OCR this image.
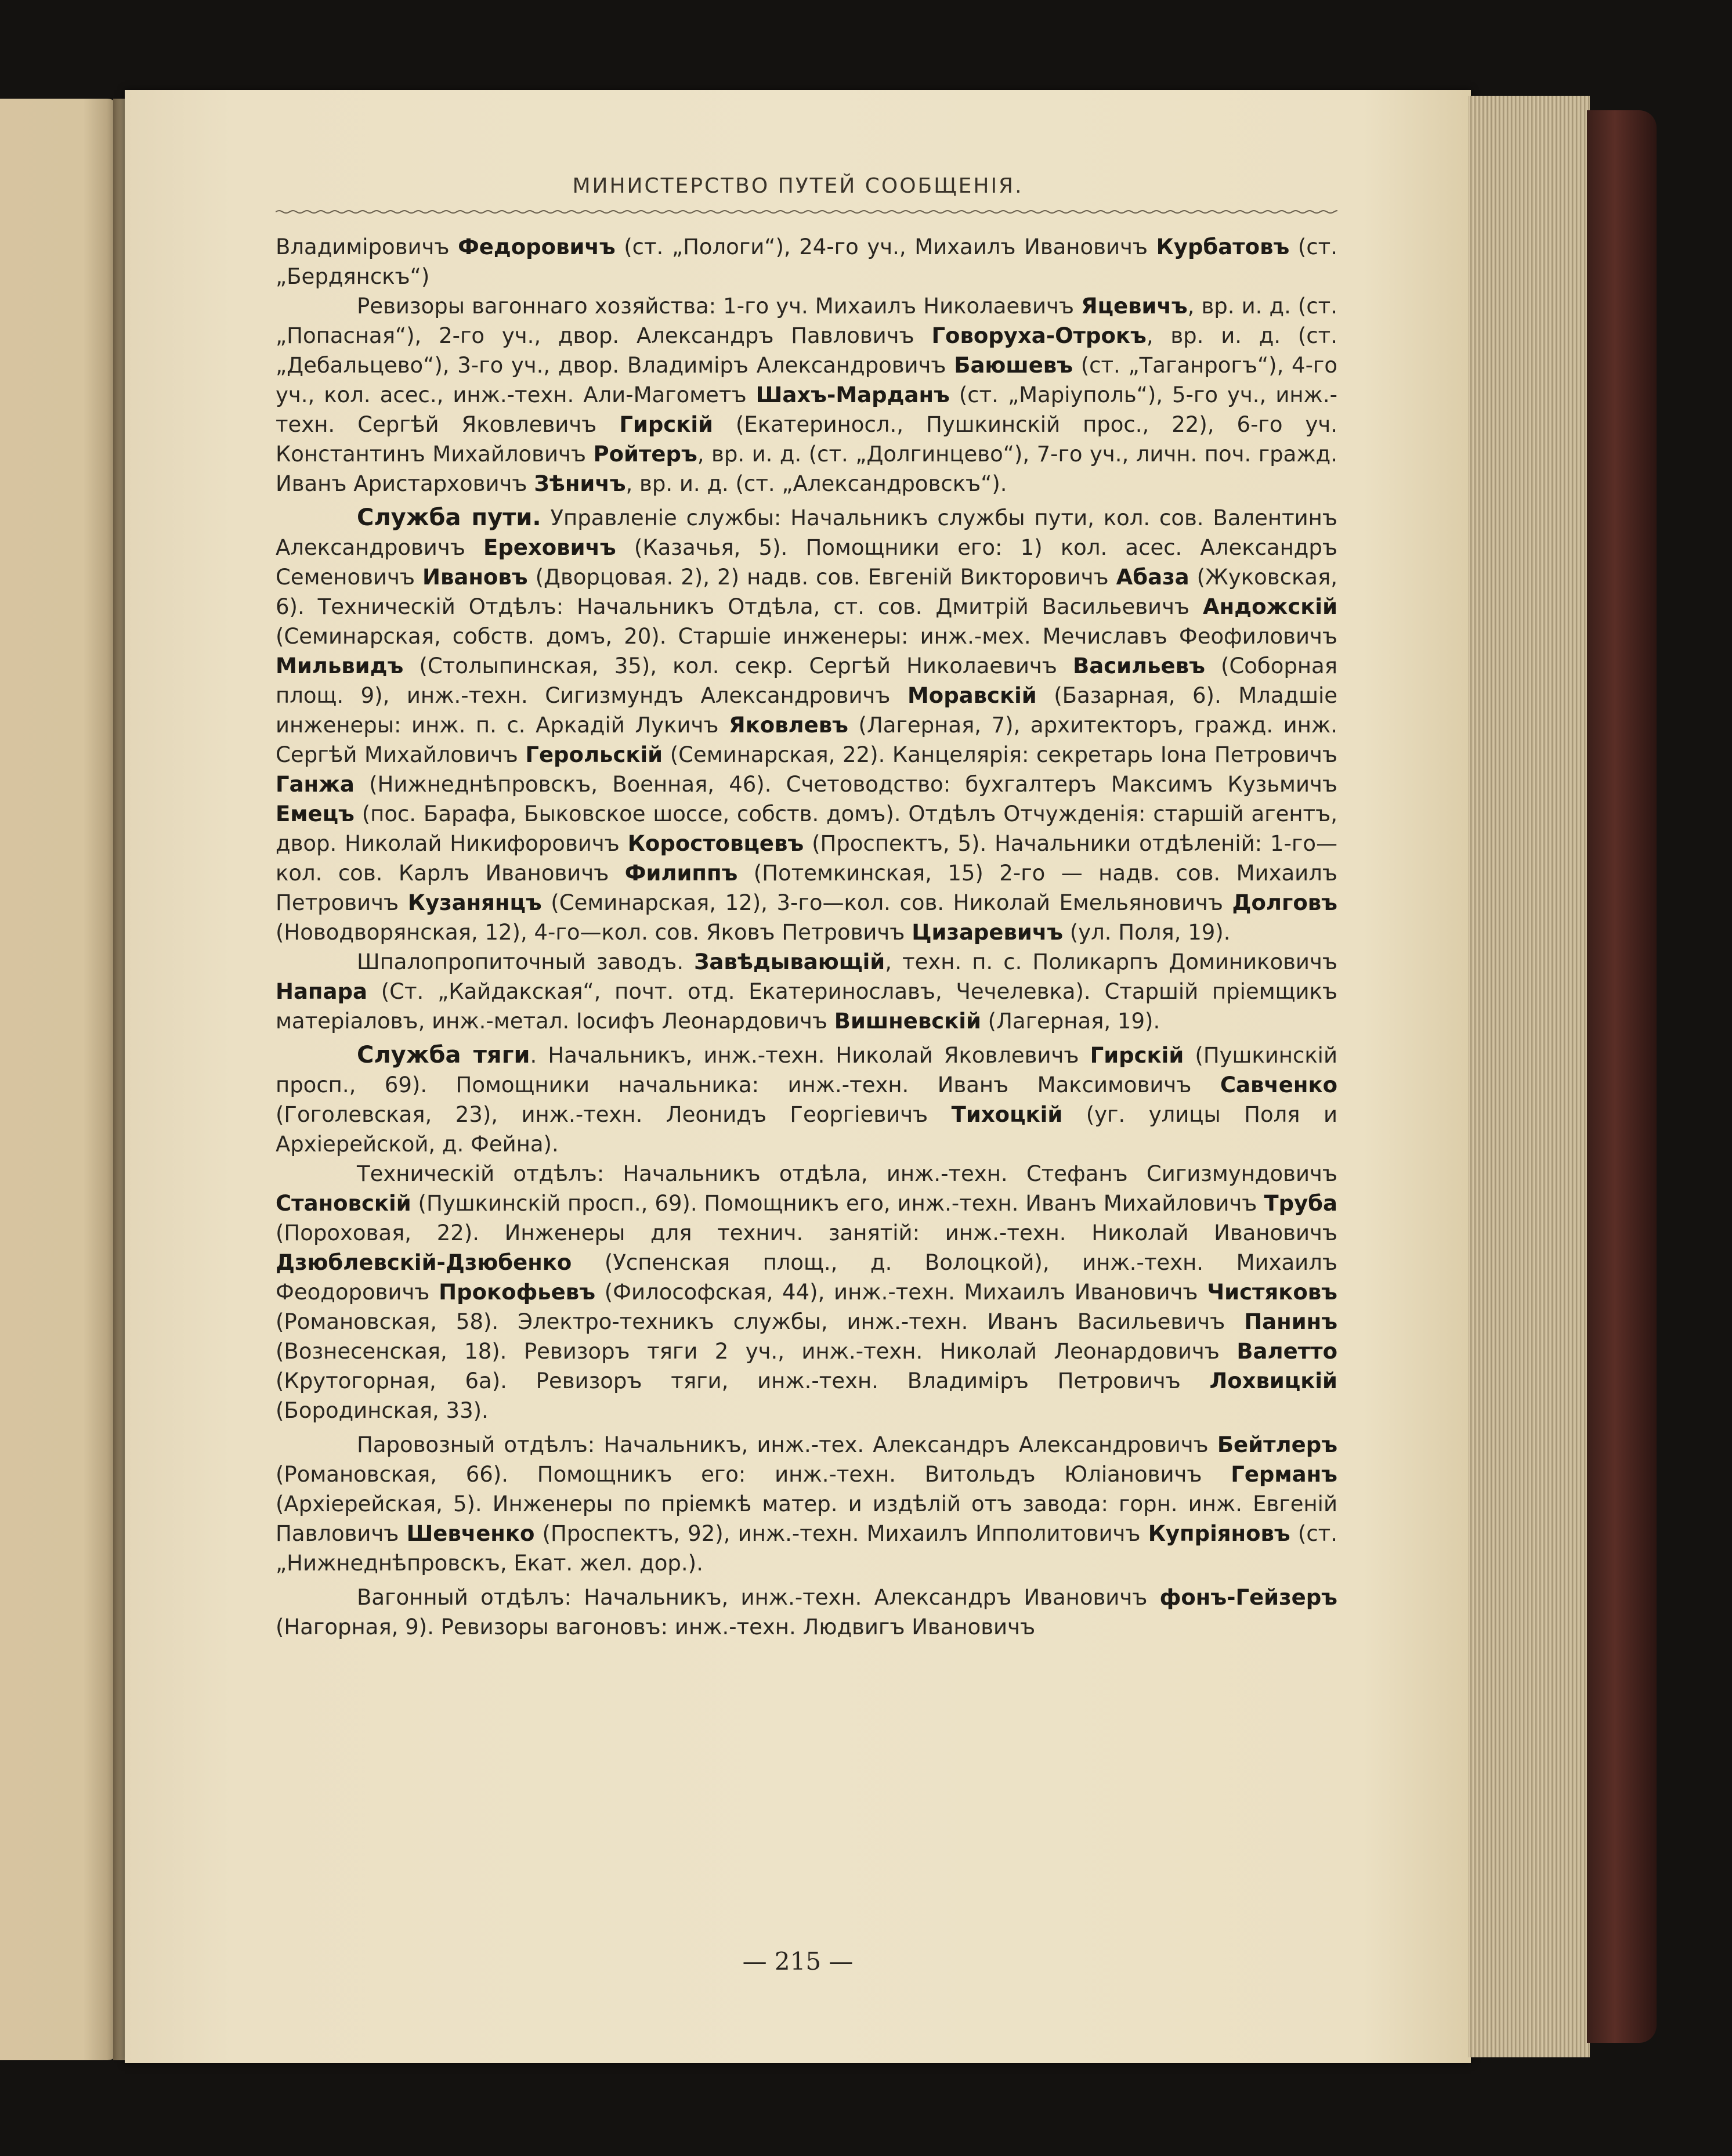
МИНИСТЕРСТВО ПУТЕЙ СООБЩЕНІЯ.

Владиміровичъ Федоровичъ (ст. „Пологи“), 24-го уч., Михаилъ Ивановичъ Курбатовъ (ст. „Бердянскъ“)

Ревизоры вагоннаго хозяйства: 1-го уч. Михаилъ Николаевичъ Яцевичъ, вр. и. д. (ст. „Попасная“), 2-го уч., двор. Александръ Павловичъ Говоруха-Отрокъ, вр. и. д. (ст. „Дебальцево“), 3-го уч., двор. Владиміръ Александровичъ Баюшевъ (ст. „Таганрогъ“), 4-го уч., кол. асес., инж.-техн. Али-Магометъ Шахъ-Марданъ (ст. „Маріуполь“), 5-го уч., инж.-техн. Сергѣй Яковлевичъ Гирскій (Екатериносл., Пушкинскій прос., 22), 6-го уч. Константинъ Михайловичъ Ройтеръ, вр. и. д. (ст. „Долгинцево“), 7-го уч., личн. поч. гражд. Иванъ Аристарховичъ Зѣничъ, вр. и. д. (ст. „Александровскъ“).

Служба пути. Управленіе службы: Начальникъ службы пути, кол. сов. Валентинъ Александровичъ Ереховичъ (Казачья, 5). Помощники его: 1) кол. асес. Александръ Семеновичъ Ивановъ (Дворцовая. 2), 2) надв. сов. Евгеній Викторовичъ Абаза (Жуковская, 6). Техническій Отдѣлъ: Начальникъ Отдѣла, ст. сов. Дмитрій Васильевичъ Андожскій (Семинарская, собств. домъ, 20). Старшіе инженеры: инж.-мех. Мечиславъ Феофиловичъ Мильвидъ (Столыпинская, 35), кол. секр. Сергѣй Николаевичъ Васильевъ (Соборная площ. 9), инж.-техн. Сигизмундъ Александровичъ Моравскій (Базарная, 6). Младшіе инженеры: инж. п. с. Аркадій Лукичъ Яковлевъ (Лагерная, 7), архитекторъ, гражд. инж. Сергѣй Михайловичъ Герольскій (Семинарская, 22). Канцелярія: секретарь Іона Петровичъ Ганжа (Нижнеднѣпровскъ, Военная, 46). Счетоводство: бухгалтеръ Максимъ Кузьмичъ Емецъ (пос. Барафа, Быковское шоссе, собств. домъ). Отдѣлъ Отчужденія: старшій агентъ, двор. Николай Никифоровичъ Коростовцевъ (Проспектъ, 5). Начальники отдѣленій: 1-го—кол. сов. Карлъ Ивановичъ Филиппъ (Потемкинская, 15) 2-го — надв. сов. Михаилъ Петровичъ Кузанянцъ (Семинарская, 12), 3-го—кол. сов. Николай Емельяновичъ Долговъ (Новодворянская, 12), 4-го—кол. сов. Яковъ Петровичъ Цизаревичъ (ул. Поля, 19).

Шпалопропиточный заводъ. Завѣдывающій, техн. п. с. Поликарпъ Доминиковичъ Напара (Ст. „Кайдакская“, почт. отд. Екатеринославъ, Чечелевка). Старшій пріемщикъ матеріаловъ, инж.-метал. Іосифъ Леонардовичъ Вишневскій (Лагерная, 19).

Служба тяги. Начальникъ, инж.-техн. Николай Яковлевичъ Гирскій (Пушкинскій просп., 69). Помощники начальника: инж.-техн. Иванъ Максимовичъ Савченко (Гоголевская, 23), инж.-техн. Леонидъ Георгіевичъ Тихоцкій (уг. улицы Поля и Архіерейской, д. Фейна).

Техническій отдѣлъ: Начальникъ отдѣла, инж.-техн. Стефанъ Сигизмундовичъ Становскій (Пушкинскій просп., 69). Помощникъ его, инж.-техн. Иванъ Михайловичъ Труба (Пороховая, 22). Инженеры для технич. занятій: инж.-техн. Николай Ивановичъ Дзюблевскій-Дзюбенко (Успенская площ., д. Волоцкой), инж.-техн. Михаилъ Феодоровичъ Прокофьевъ (Философская, 44), инж.-техн. Михаилъ Ивановичъ Чистяковъ (Романовская, 58). Электро-техникъ службы, инж.-техн. Иванъ Васильевичъ Панинъ (Вознесенская, 18). Ревизоръ тяги 2 уч., инж.-техн. Николай Леонардовичъ Валетто (Крутогорная, 6а). Ревизоръ тяги, инж.-техн. Владиміръ Петровичъ Лохвицкій (Бородинская, 33).

Паровозный отдѣлъ: Начальникъ, инж.-тех. Александръ Александровичъ Бейтлеръ (Романовская, 66). Помощникъ его: инж.-техн. Витольдъ Юліановичъ Германъ (Архіерейская, 5). Инженеры по пріемкѣ матер. и издѣлій отъ завода: горн. инж. Евгеній Павловичъ Шевченко (Проспектъ, 92), инж.-техн. Михаилъ Ипполитовичъ Купріяновъ (ст. „Нижнеднѣпровскъ, Екат. жел. дор.).

Вагонный отдѣлъ: Начальникъ, инж.-техн. Александръ Ивановичъ фонъ-Гейзеръ (Нагорная, 9). Ревизоры вагоновъ: инж.-техн. Людвигъ Ивановичъ

— 215 —
